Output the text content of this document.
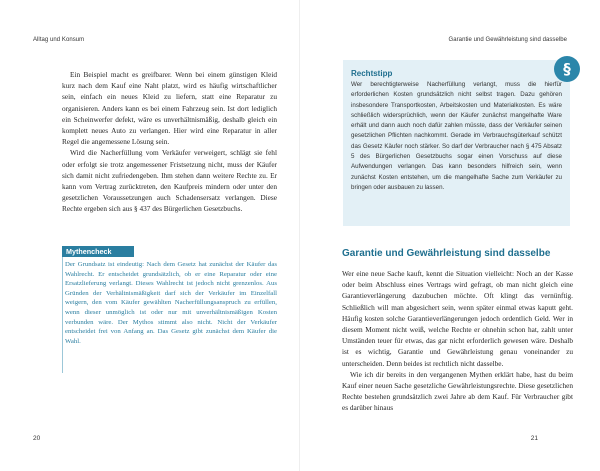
Alltag und Konsum

Ein Beispiel macht es greifbarer. Wenn bei einem günstigen Kleid kurz nach dem Kauf eine Naht platzt, wird es häufig wirtschaftlicher sein, einfach ein neues Kleid zu liefern, statt eine Reparatur zu organisieren. Anders kann es bei einem Fahrzeug sein. Ist dort lediglich ein Scheinwerfer defekt, wäre es unverhältnismäßig, deshalb gleich ein komplett neues Auto zu verlangen. Hier wird eine Reparatur in aller Regel die angemessene Lösung sein.

Wird die Nacherfüllung vom Verkäufer verweigert, schlägt sie fehl oder erfolgt sie trotz angemessener Fristsetzung nicht, muss der Käufer sich damit nicht zufriedengeben. Ihm stehen dann weitere Rechte zu. Er kann vom Vertrag zurücktreten, den Kaufpreis mindern oder unter den gesetzlichen Voraussetzungen auch Schadensersatz verlangen. Diese Rechte ergeben sich aus § 437 des Bürgerlichen Gesetzbuchs.

Mythencheck

Der Grundsatz ist eindeutig: Nach dem Gesetz hat zunächst der Käufer das Wahlrecht. Er entscheidet grundsätzlich, ob er eine Reparatur oder eine Ersatzlieferung verlangt. Dieses Wahlrecht ist jedoch nicht grenzenlos. Aus Gründen der Verhältnismäßigkeit darf sich der Verkäufer im Einzelfall weigern, den vom Käufer gewählten Nacherfüllungsanspruch zu erfüllen, wenn dieser unmöglich ist oder nur mit unverhältnismäßigen Kosten verbunden wäre. Der Mythos stimmt also nicht. Nicht der Verkäufer entscheidet frei von Anfang an. Das Gesetz gibt zunächst dem Käufer die Wahl.

20
Garantie und Gewährleistung sind dasselbe
Rechtstipp

Wer berechtigterweise Nacherfüllung verlangt, muss die hierfür erforderlichen Kosten grundsätzlich nicht selbst tragen. Dazu gehören insbesondere Transportkosten, Arbeitskosten und Materialkosten. Es wäre schließlich widersprüchlich, wenn der Käufer zunächst mangelhafte Ware erhält und dann auch noch dafür zahlen müsste, dass der Verkäufer seinen gesetzlichen Pflichten nachkommt. Gerade im Verbrauchsgüterkauf schützt das Gesetz Käufer noch stärker. So darf der Verbraucher nach § 475 Absatz 5 des Bürgerlichen Gesetzbuchs sogar einen Vorschuss auf diese Aufwendungen verlangen. Das kann besonders hilfreich sein, wenn zunächst Kosten entstehen, um die mangelhafte Sache zum Verkäufer zu bringen oder ausbauen zu lassen.

§
Garantie und Gewährleistung sind dasselbe

Wer eine neue Sache kauft, kennt die Situation vielleicht: Noch an der Kasse oder beim Abschluss eines Vertrags wird gefragt, ob man nicht gleich eine Garantieverlängerung dazubuchen möchte. Oft klingt das vernünftig. Schließlich will man abgesichert sein, wenn später einmal etwas kaputt geht. Häufig kosten solche Garantieverlängerungen jedoch ordentlich Geld. Wer in diesem Moment nicht weiß, welche Rechte er ohnehin schon hat, zahlt unter Umständen teuer für etwas, das gar nicht erforderlich gewesen wäre. Deshalb ist es wichtig, Garantie und Gewährleistung genau voneinander zu unterscheiden. Denn beides ist rechtlich nicht dasselbe.

Wie ich dir bereits in den vergangenen Mythen erklärt habe, hast du beim Kauf einer neuen Sache gesetzliche Gewährleistungsrechte. Diese gesetzlichen Rechte bestehen grundsätzlich zwei Jahre ab dem Kauf. Für Verbraucher gibt es darüber hinaus

21
